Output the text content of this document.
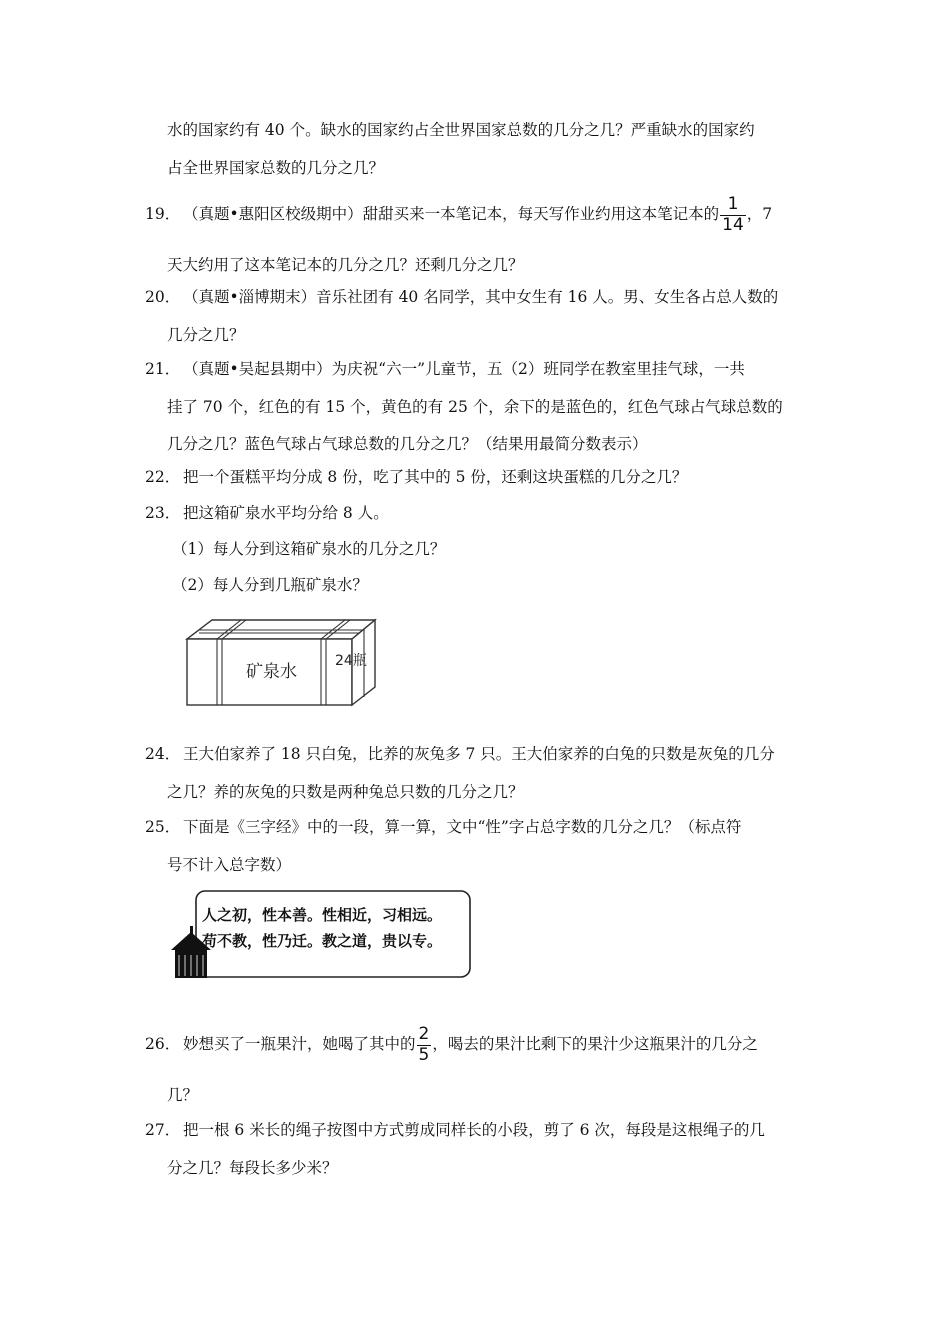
水的国家约有 40 个。缺水的国家约占全世界国家总数的几分之几？严重缺水的国家约
占全世界国家总数的几分之几？
19． （真题•惠阳区校级期中）甜甜买来一本笔记本，每天写作业约用这本笔记本的 $\frac{1}{14}$ ，7
天大约用了这本笔记本的几分之几？还剩几分之几？
20． （真题•淄博期末）音乐社团有 40 名同学，其中女生有 16 人。男、女生各占总人数的
几分之几？
21． （真题•吴起县期中）为庆祝“六一”儿童节，五（2）班同学在教室里挂气球，一共
挂了 70 个，红色的有 15 个，黄色的有 25 个，余下的是蓝色的，红色气球占气球总数的
几分之几？蓝色气球占气球总数的几分之几？（结果用最简分数表示）
22． 把一个蛋糕平均分成 8 份，吃了其中的 5 份，还剩这块蛋糕的几分之几？
23． 把这箱矿泉水平均分给 8 人。
（1）每人分到这箱矿泉水的几分之几？
（2）每人分到几瓶矿泉水？
矿泉水
24瓶
24． 王大伯家养了 18 只白兔，比养的灰兔多 7 只。王大伯家养的白兔的只数是灰兔的几分
之几？养的灰兔的只数是两种兔总只数的几分之几？
25． 下面是《三字经》中的一段，算一算，文中“性”字占总字数的几分之几？（标点符
号不计入总字数）
人之初，性本善。性相近，习相远。
苟不教，性乃迁。教之道，贵以专。
26． 妙想买了一瓶果汁，她喝了其中的 $\frac{2}{5}$ ，喝去的果汁比剩下的果汁少这瓶果汁的几分之
几？
27． 把一根 6 米长的绳子按图中方式剪成同样长的小段，剪了 6 次，每段是这根绳子的几
分之几？每段长多少米？
